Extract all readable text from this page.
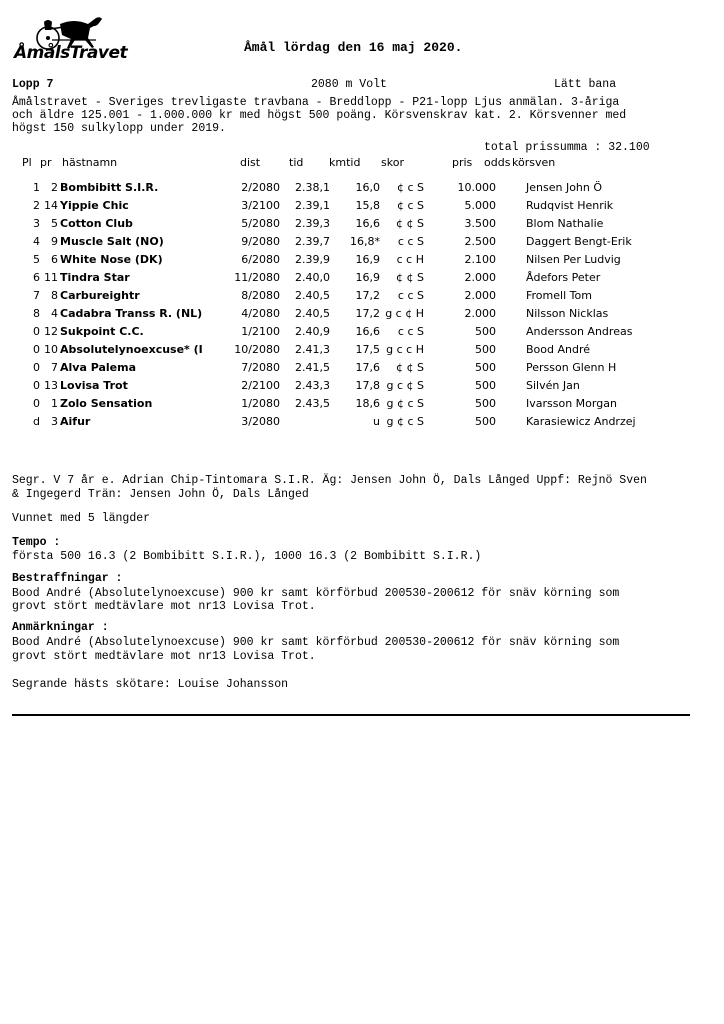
ÅmålsTravet	Åmål lördag den 16 maj 2020.
Lopp 7	2080 m Volt	Lätt bana
Åmålstravet - Sveriges trevligaste travbana - Breddlopp - P21-lopp Ljus anmälan. 3-åriga
och äldre 125.001 - 1.000.000 kr med högst 500 poäng. Körsvenskrav kat. 2. Körsvenner med
högst 150 sulkylopp under 2019.
total prissumma : 32.100
Pl pr hästnamn	dist	tid kmtid skor	pris odds körsven
1	2	Bombibitt S.I.R.	2/2080	2.38,1	16,0	¢ c S	10.000		Jensen John Ö
2	14	Yippie Chic	3/2100	2.39,1	15,8	¢ c S	5.000		Rudqvist Henrik
3	5	Cotton Club	5/2080	2.39,3	16,6	¢ ¢ S	3.500		Blom Nathalie
4	9	Muscle Salt (NO)	9/2080	2.39,7	16,8*	c c S	2.500		Daggert Bengt-Erik
5	6	White Nose (DK)	6/2080	2.39,9	16,9	c c H	2.100		Nilsen Per Ludvig
6	11	Tindra Star	11/2080	2.40,0	16,9	¢ ¢ S	2.000		Ådefors Peter
7	8	Carbureightr	8/2080	2.40,5	17,2	c c S	2.000		Fromell Tom
8	4	Cadabra Transs R. (NL)	4/2080	2.40,5	17,2	g c ¢ H	2.000		Nilsson Nicklas
0	12	Sukpoint C.C.	1/2100	2.40,9	16,6	c c S	500		Andersson Andreas
0	10	Absolutelynoexcuse* (I	10/2080	2.41,3	17,5	g c c H	500		Bood André
0	7	Alva Palema	7/2080	2.41,5	17,6	¢ ¢ S	500		Persson Glenn H
0	13	Lovisa Trot	2/2100	2.43,3	17,8	g c ¢ S	500		Silvén Jan
0	1	Zolo Sensation	1/2080	2.43,5	18,6	g ¢ c S	500		Ivarsson Morgan
d	3	Aifur	3/2080		u	g ¢ c S	500		Karasiewicz Andrzej
Segr. V 7 år e. Adrian Chip-Tintomara S.I.R. Äg: Jensen John Ö, Dals Långed Uppf: Rejnö Sven
& Ingegerd Trän: Jensen John Ö, Dals Långed
Vunnet med 5 längder
Tempo :
första 500 16.3 (2 Bombibitt S.I.R.), 1000 16.3 (2 Bombibitt S.I.R.)
Bestraffningar :
Bood André (Absolutelynoexcuse) 900 kr samt körförbud 200530-200612 för snäv körning som
grovt stört medtävlare mot nr13 Lovisa Trot.
Anmärkningar :
Bood André (Absolutelynoexcuse) 900 kr samt körförbud 200530-200612 för snäv körning som
grovt stört medtävlare mot nr13 Lovisa Trot.
Segrande hästs skötare: Louise Johansson
